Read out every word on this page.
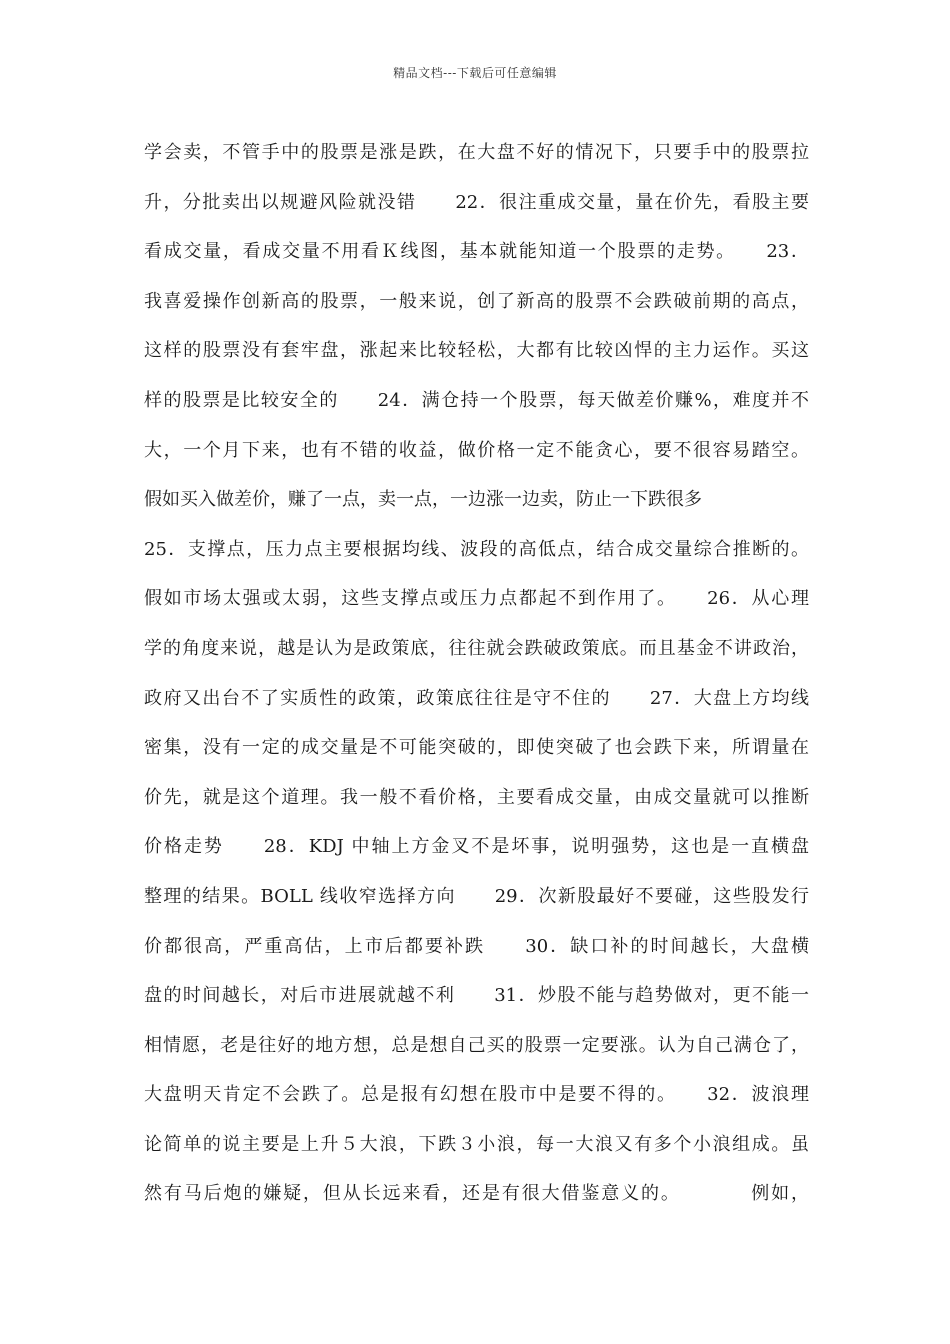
精品文档---下载后可任意编辑
学会卖，不管手中的股票是涨是跌，在大盘不好的情况下，只要手中的股票拉
升，分批卖出以规避风险就没错　　22．很注重成交量，量在价先，看股主要
看成交量，看成交量不用看Ｋ线图，基本就能知道一个股票的走势。　　23．
我喜爱操作创新高的股票，一般来说，创了新高的股票不会跌破前期的高点，
这样的股票没有套牢盘，涨起来比较轻松，大都有比较凶悍的主力运作。买这
样的股票是比较安全的　　24．满仓持一个股票，每天做差价赚%，难度并不
大，一个月下来，也有不错的收益，做价格一定不能贪心，要不很容易踏空。
假如买入做差价，赚了一点，卖一点，一边涨一边卖，防止一下跌很多
25．支撑点，压力点主要根据均线、波段的高低点，结合成交量综合推断的。
假如市场太强或太弱，这些支撑点或压力点都起不到作用了。　　26．从心理
学的角度来说，越是认为是政策底，往往就会跌破政策底。而且基金不讲政治，
政府又出台不了实质性的政策，政策底往往是守不住的　　27．大盘上方均线
密集，没有一定的成交量是不可能突破的，即使突破了也会跌下来，所谓量在
价先，就是这个道理。我一般不看价格，主要看成交量，由成交量就可以推断
价格走势　　28．KDJ 中轴上方金叉不是坏事，说明强势，这也是一直横盘
整理的结果。BOLL 线收窄选择方向　　29．次新股最好不要碰，这些股发行
价都很高，严重高估，上市后都要补跌　　30．缺口补的时间越长，大盘横
盘的时间越长，对后市进展就越不利　　31．炒股不能与趋势做对，更不能一
相情愿，老是往好的地方想，总是想自己买的股票一定要涨。认为自己满仓了，
大盘明天肯定不会跌了。总是报有幻想在股市中是要不得的。　　32．波浪理
论简单的说主要是上升５大浪，下跌３小浪，每一大浪又有多个小浪组成。虽
然有马后炮的嫌疑，但从长远来看，还是有很大借鉴意义的。　　　　例如，
